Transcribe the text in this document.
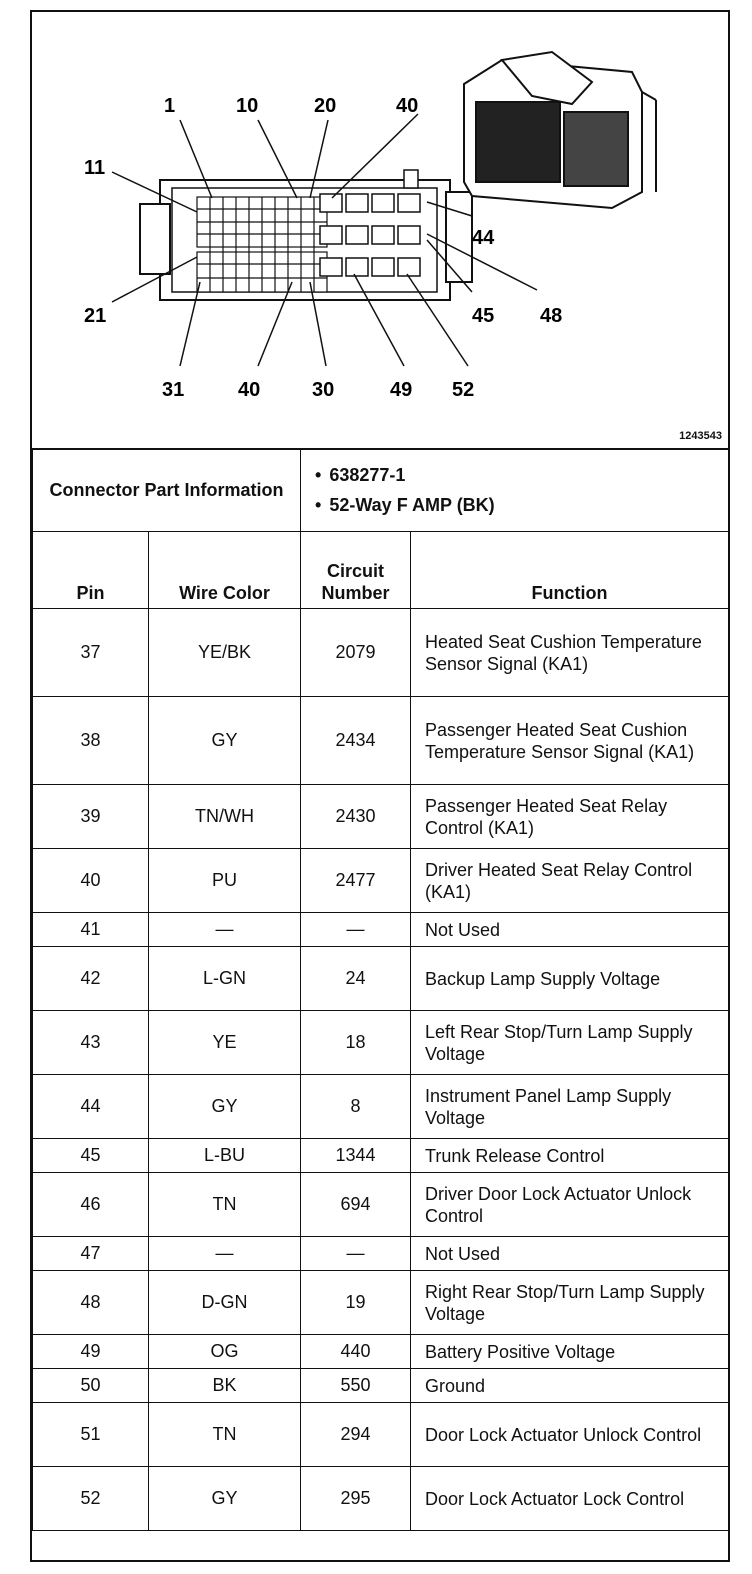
1	10	20	40
11
21
31	40	30	49 52
44
45 48
1243543
Connector Part Information		• 638277-1
• 52-Way F AMP (BK)

Pin	Wire Color	Circuit Number	Function
37	YE/BK	2079	Heated Seat Cushion Temperature Sensor Signal (KA1)
38	GY	2434	Passenger Heated Seat Cushion Temperature Sensor Signal (KA1)
39	TN/WH	2430	Passenger Heated Seat Relay Control (KA1)
40	PU	2477	Driver Heated Seat Relay Control (KA1)
41	—	—	Not Used
42	L-GN	24	Backup Lamp Supply Voltage
43	YE	18	Left Rear Stop/Turn Lamp Supply Voltage
44	GY	8	Instrument Panel Lamp Supply Voltage
45	L-BU	1344	Trunk Release Control
46	TN	694	Driver Door Lock Actuator Unlock Control
47	—	—	Not Used
48	D-GN	19	Right Rear Stop/Turn Lamp Supply Voltage
49	OG	440	Battery Positive Voltage
50	BK	550	Ground
51	TN	294	Door Lock Actuator Unlock Control
52	GY	295	Door Lock Actuator Lock Control
